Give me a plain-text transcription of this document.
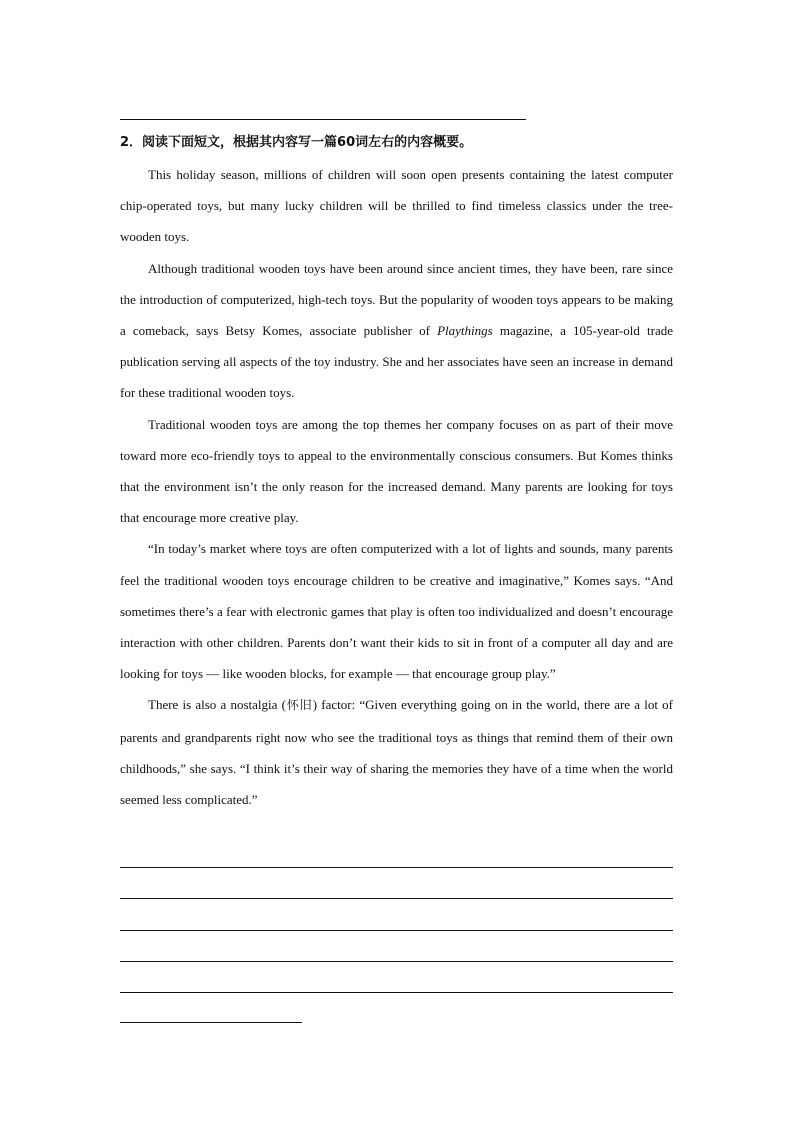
2．阅读下面短文，根据其内容写一篇60词左右的内容概要。

This holiday season, millions of children will soon open presents containing the latest computer chip-operated toys, but many lucky children will be thrilled to find timeless classics under the tree-wooden toys.

Although traditional wooden toys have been around since ancient times, they have been, rare since the introduction of computerized, high-tech toys. But the popularity of wooden toys appears to be making a comeback, says Betsy Komes, associate publisher of Playthings magazine, a 105-year-old trade publication serving all aspects of the toy industry. She and her associates have seen an increase in demand for these traditional wooden toys.

Traditional wooden toys are among the top themes her company focuses on as part of their move toward more eco-friendly toys to appeal to the environmentally conscious consumers. But Komes thinks that the environment isn’t the only reason for the increased demand. Many parents are looking for toys that encourage more creative play.

“In today’s market where toys are often computerized with a lot of lights and sounds, many parents feel the traditional wooden toys encourage children to be creative and imaginative,” Komes says. “And sometimes there’s a fear with electronic games that play is often too individualized and doesn’t encourage interaction with other children. Parents don’t want their kids to sit in front of a computer all day and are looking for toys — like wooden blocks, for example — that encourage group play.”

There is also a nostalgia (怀旧) factor: “Given everything going on in the world, there are a lot of parents and grandparents right now who see the traditional toys as things that remind them of their own childhoods,” she says. “I think it’s their way of sharing the memories they have of a time when the world seemed less complicated.”
